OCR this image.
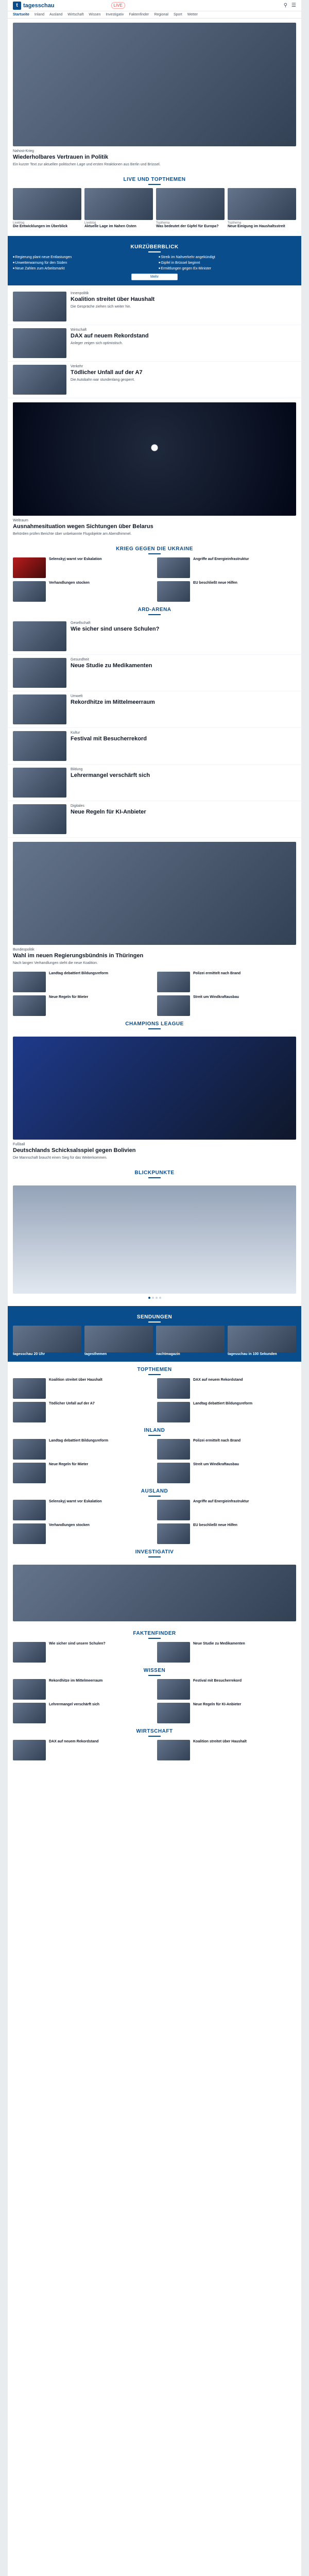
t tagesschau	LIVE	⚲ ☰
Startseite Inland Ausland Wirtschaft Wissen Investigativ Faktenfinder Regional Sport Wetter
Nahost-Krieg
Wiederholbares Vertrauen in Politik
Ein kurzer Text zur aktuellen politischen Lage und ersten Reaktionen aus Berlin und Brüssel.
LIVE UND TOPTHEMEN
Liveblog
Die Entwicklungen im Überblick
Liveblog
Aktuelle Lage im Nahen Osten
Topthema
Was bedeutet der Gipfel für Europa?
Topthema
Neue Einigung im Haushaltsstreit
KURZÜBERBLICK
■ Regierung plant neue Entlastungen	■ Streik im Nahverkehr angekündigt
■ Unwetterwarnung für den Süden	■ Gipfel in Brüssel beginnt
■ Neue Zahlen zum Arbeitsmarkt	■ Ermittlungen gegen Ex-Minister
Mehr
Innenpolitik
Koalition streitet über Haushalt
Die Gespräche ziehen sich weiter hin.
Wirtschaft
DAX auf neuem Rekordstand
Anleger zeigen sich optimistisch.
Verkehr
Tödlicher Unfall auf der A7
Die Autobahn war stundenlang gesperrt.
Weltraum
Ausnahmesituation wegen Sichtungen über Belarus
Behörden prüfen Berichte über unbekannte Flugobjekte am Abendhimmel.
KRIEG GEGEN DIE UKRAINE
Selenskyj warnt vor Eskalation	Angriffe auf Energieinfrastruktur
Verhandlungen stocken	EU beschließt neue Hilfen
ARD-ARENA
Gesellschaft
Wie sicher sind unsere Schulen?
Gesundheit
Neue Studie zu Medikamenten
Umwelt
Rekordhitze im Mittelmeerraum
Kultur
Festival mit Besucherrekord
Bildung
Lehrermangel verschärft sich
Digitales
Neue Regeln für KI-Anbieter
Bundespolitik
Wahl im neuen Regierungsbündnis in Thüringen
Nach langen Verhandlungen steht die neue Koalition.
Landtag debattiert Bildungsreform	Polizei ermittelt nach Brand
Neue Regeln für Mieter	Streit um Windkraftausbau
CHAMPIONS LEAGUE
Fußball
Deutschlands Schicksalsspiel gegen Bolivien
Die Mannschaft braucht einen Sieg für das Weiterkommen.
BLICKPUNKTE
SENDUNGEN
tagesschau 20 Uhr	tagesthemen	nachtmagazin	tagesschau in 100 Sekunden
TOPTHEMEN
Koalition streitet über Haushalt	DAX auf neuem Rekordstand
Tödlicher Unfall auf der A7	Landtag debattiert Bildungsreform
INLAND
Landtag debattiert Bildungsreform	Polizei ermittelt nach Brand
Neue Regeln für Mieter	Streit um Windkraftausbau
AUSLAND
Selenskyj warnt vor Eskalation	Angriffe auf Energieinfrastruktur
Verhandlungen stocken	EU beschließt neue Hilfen
INVESTIGATIV
FAKTENFINDER
Wie sicher sind unsere Schulen?	Neue Studie zu Medikamenten
WISSEN
Rekordhitze im Mittelmeerraum	Festival mit Besucherrekord
Lehrermangel verschärft sich	Neue Regeln für KI-Anbieter
WIRTSCHAFT
DAX auf neuem Rekordstand	Koalition streitet über Haushalt
